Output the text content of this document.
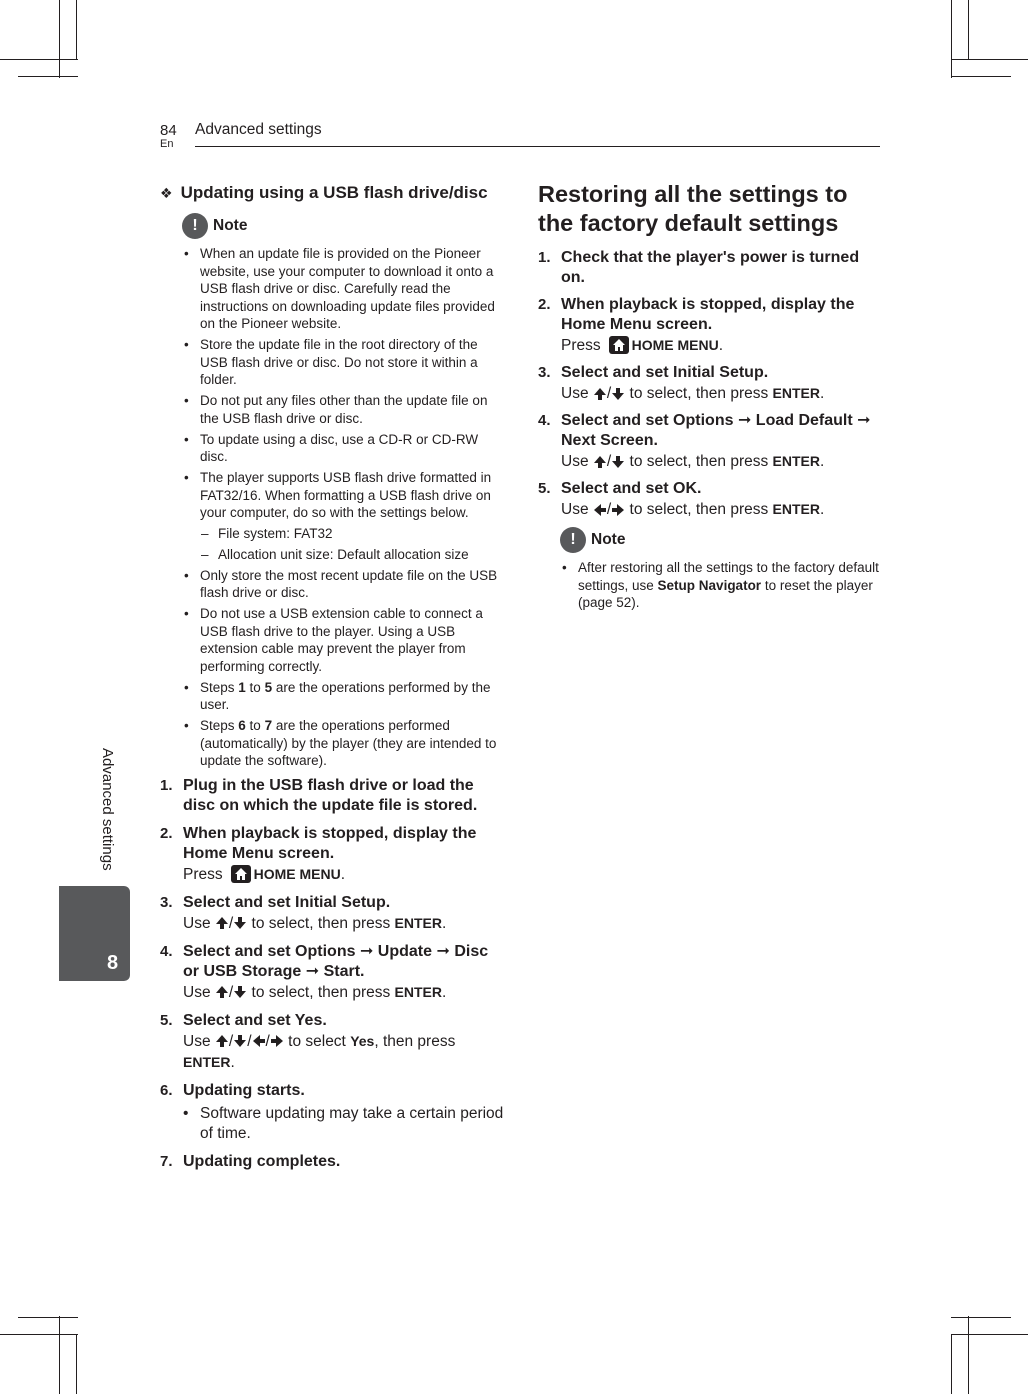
84
En
Advanced settings
Advanced settings
8
❖ Updating using a USB flash drive/disc
! Note
• When an update file is provided on the Pioneer website, use your computer to download it onto a USB flash drive or disc. Carefully read the instructions on downloading update files provided on the Pioneer website.
• Store the update file in the root directory of the USB flash drive or disc. Do not store it within a folder.
• Do not put any files other than the update file on the USB flash drive or disc.
• To update using a disc, use a CD-R or CD-RW disc.
• The player supports USB flash drive formatted in FAT32/16. When formatting a USB flash drive on your computer, do so with the settings below.
– File system: FAT32
– Allocation unit size: Default allocation size
• Only store the most recent update file on the USB flash drive or disc.
• Do not use a USB extension cable to connect a USB flash drive to the player. Using a USB extension cable may prevent the player from performing correctly.
• Steps 1 to 5 are the operations performed by the user.
• Steps 6 to 7 are the operations performed (automatically) by the player (they are intended to update the software).
1. Plug in the USB flash drive or load the disc on which the update file is stored.
2. When playback is stopped, display the Home Menu screen.
Press HOME MENU.
3. Select and set Initial Setup.
Use / to select, then press ENTER.
4. Select and set Options ➞ Update ➞ Disc or USB Storage ➞ Start.
Use / to select, then press ENTER.
5. Select and set Yes.
Use / / / to select Yes, then press ENTER.
6. Updating starts.
• Software updating may take a certain period of time.
7. Updating completes.
Restoring all the settings to the factory default settings
1. Check that the player's power is turned on.
2. When playback is stopped, display the Home Menu screen.
Press HOME MENU.
3. Select and set Initial Setup.
Use / to select, then press ENTER.
4. Select and set Options ➞ Load Default ➞ Next Screen.
Use / to select, then press ENTER.
5. Select and set OK.
Use / to select, then press ENTER.
! Note
• After restoring all the settings to the factory default settings, use Setup Navigator to reset the player (page 52).
